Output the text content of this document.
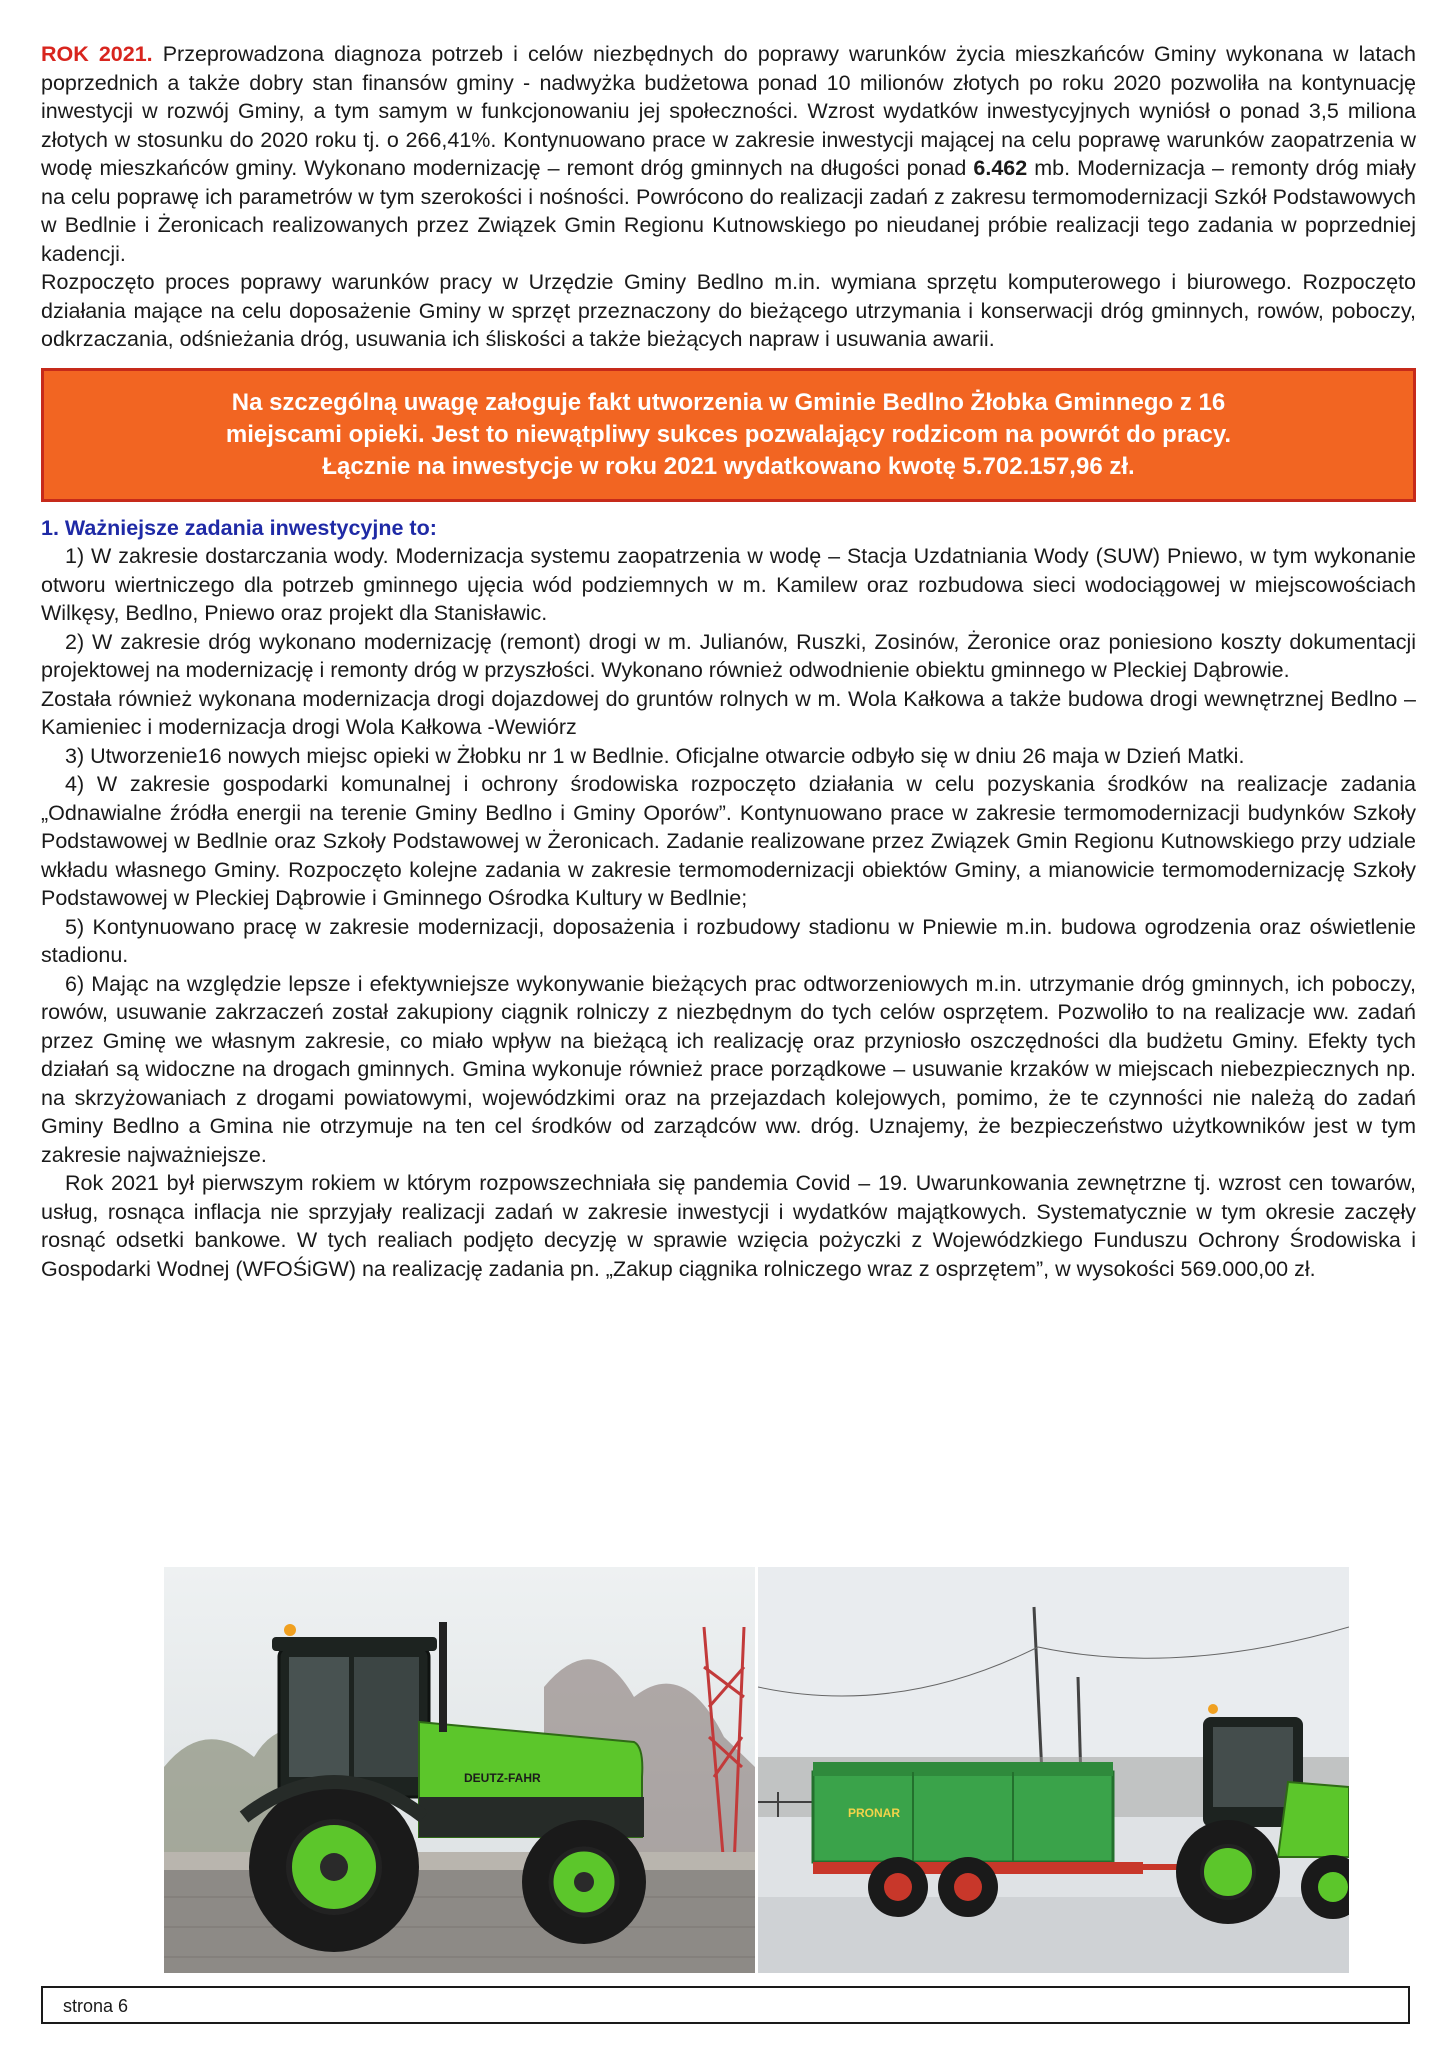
ROK 2021. Przeprowadzona diagnoza potrzeb i celów niezbędnych do poprawy warunków życia mieszkańców Gminy wykonana w latach poprzednich a także dobry stan finansów gminy - nadwyżka budżetowa ponad 10 milionów złotych po roku 2020 pozwoliła na kontynuację inwestycji w rozwój Gminy, a tym samym w funkcjonowaniu jej społeczności. Wzrost wydatków inwestycyjnych wyniósł o ponad 3,5 miliona złotych w stosunku do 2020 roku tj. o 266,41%. Kontynuowano prace w zakresie inwestycji mającej na celu poprawę warunków zaopatrzenia w wodę mieszkańców gminy. Wykonano modernizację – remont dróg gminnych na długości ponad 6.462 mb. Modernizacja – remonty dróg miały na celu poprawę ich parametrów w tym szerokości i nośności. Powrócono do realizacji zadań z zakresu termomodernizacji Szkół Podstawowych w Bedlnie i Żeronicach realizowanych przez Związek Gmin Regionu Kutnowskiego po nieudanej próbie realizacji tego zadania w poprzedniej kadencji.

Rozpoczęto proces poprawy warunków pracy w Urzędzie Gminy Bedlno m.in. wymiana sprzętu komputerowego i biurowego. Rozpoczęto działania mające na celu doposażenie Gminy w sprzęt przeznaczony do bieżącego utrzymania i konserwacji dróg gminnych, rowów, poboczy, odkrzaczania, odśnieżania dróg, usuwania ich śliskości a także bieżących napraw i usuwania awarii.

Na szczególną uwagę załoguje fakt utworzenia w Gminie Bedlno Żłobka Gminnego z 16
miejscami opieki. Jest to niewątpliwy sukces pozwalający rodzicom na powrót do pracy.
Łącznie na inwestycje w roku 2021 wydatkowano kwotę 5.702.157,96 zł.

1. Ważniejsze zadania inwestycyjne to:

1) W zakresie dostarczania wody. Modernizacja systemu zaopatrzenia w wodę – Stacja Uzdatniania Wody (SUW) Pniewo, w tym wykonanie otworu wiertniczego dla potrzeb gminnego ujęcia wód podziemnych w m. Kamilew oraz rozbudowa sieci wodociągowej w miejscowościach Wilkęsy, Bedlno, Pniewo oraz projekt dla Stanisławic.

2) W zakresie dróg wykonano modernizację (remont) drogi w m. Julianów, Ruszki, Zosinów, Żeronice oraz poniesiono koszty dokumentacji projektowej na modernizację i remonty dróg w przyszłości. Wykonano również odwodnienie obiektu gminnego w Pleckiej Dąbrowie.

Została również wykonana modernizacja drogi dojazdowej do gruntów rolnych w m. Wola Kałkowa a także budowa drogi wewnętrznej Bedlno – Kamieniec i modernizacja drogi Wola Kałkowa -Wewiórz

3) Utworzenie16 nowych miejsc opieki w Żłobku nr 1 w Bedlnie. Oficjalne otwarcie odbyło się w dniu 26 maja w Dzień Matki.

4) W zakresie gospodarki komunalnej i ochrony środowiska rozpoczęto działania w celu pozyskania środków na realizacje zadania „Odnawialne źródła energii na terenie Gminy Bedlno i Gminy Oporów”. Kontynuowano prace w zakresie termomodernizacji budynków Szkoły Podstawowej w Bedlnie oraz Szkoły Podstawowej w Żeronicach. Zadanie realizowane przez Związek Gmin Regionu Kutnowskiego przy udziale wkładu własnego Gminy. Rozpoczęto kolejne zadania w zakresie termomodernizacji obiektów Gminy, a mianowicie termomodernizację Szkoły Podstawowej w Pleckiej Dąbrowie i Gminnego Ośrodka Kultury w Bedlnie;

5) Kontynuowano pracę w zakresie modernizacji, doposażenia i rozbudowy stadionu w Pniewie m.in. budowa ogrodzenia oraz oświetlenie stadionu.

6) Mając na względzie lepsze i efektywniejsze wykonywanie bieżących prac odtworzeniowych m.in. utrzymanie dróg gminnych, ich poboczy, rowów, usuwanie zakrzaczeń został zakupiony ciągnik rolniczy z niezbędnym do tych celów osprzętem. Pozwoliło to na realizacje ww. zadań przez Gminę we własnym zakresie, co miało wpływ na bieżącą ich realizację oraz przyniosło oszczędności dla budżetu Gminy. Efekty tych działań są widoczne na drogach gminnych. Gmina wykonuje również prace porządkowe – usuwanie krzaków w miejscach niebezpiecznych np. na skrzyżowaniach z drogami powiatowymi, wojewódzkimi oraz na przejazdach kolejowych, pomimo, że te czynności nie należą do zadań Gminy Bedlno a Gmina nie otrzymuje na ten cel środków od zarządców ww. dróg. Uznajemy, że bezpieczeństwo użytkowników jest w tym zakresie najważniejsze.

Rok 2021 był pierwszym rokiem w którym rozpowszechniała się pandemia Covid – 19. Uwarunkowania zewnętrzne tj. wzrost cen towarów, usług, rosnąca inflacja nie sprzyjały realizacji zadań w zakresie inwestycji i wydatków majątkowych. Systematycznie w tym okresie zaczęły rosnąć odsetki bankowe. W tych realiach podjęto decyzję w sprawie wzięcia pożyczki z Wojewódzkiego Funduszu Ochrony Środowiska i Gospodarki Wodnej (WFOŚiGW) na realizację zadania pn. „Zakup ciągnika rolniczego wraz z osprzętem”, w wysokości 569.000,00 zł.

DEUTZ-FAHR
PRONAR
strona 6
